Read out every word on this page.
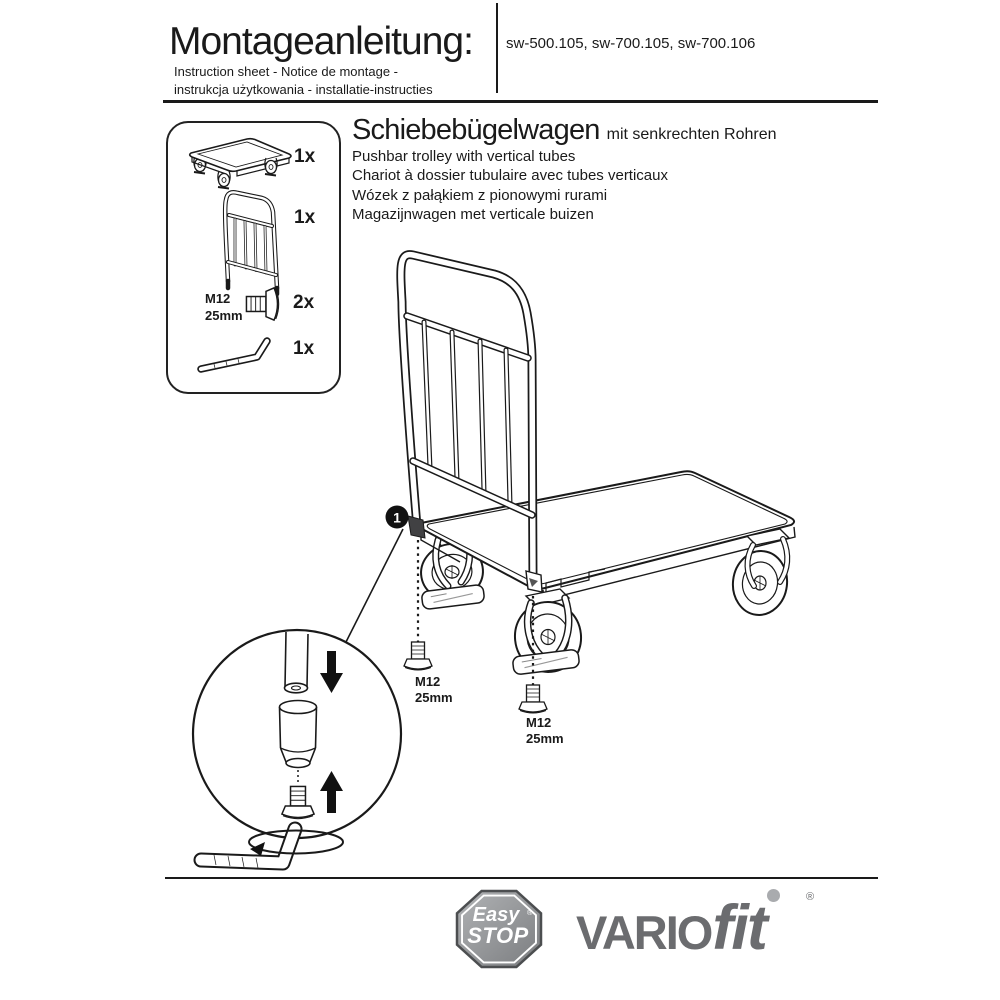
1
Easy ®
STOP
Montageanleitung:
Instruction sheet - Notice de montage -
instrukcja użytkowania - installatie-instructies
sw-500.105, sw-700.105, sw-700.106
Schiebebügelwagen mit senkrechten Rohren
Pushbar trolley with vertical tubes
Chariot à dossier tubulaire avec tubes verticaux
Wózek z pałąkiem z pionowymi rurami
Magazijnwagen met verticale buizen
1x
1x
2x
1x
M12
25mm
M12
25mm
M12
25mm
VARIO fit	®
